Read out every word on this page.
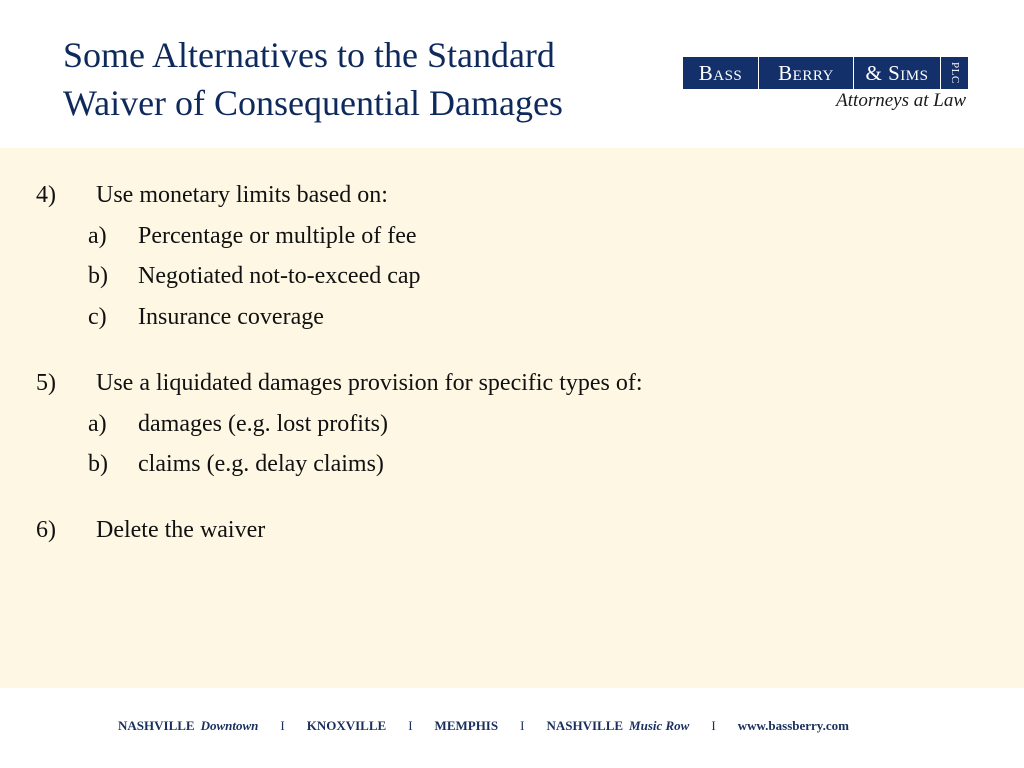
Some Alternatives to the Standard
Waiver of Consequential Damages
Bass	Berry	& Sims	PLC
Attorneys at Law
4) Use monetary limits based on:
a) Percentage or multiple of fee
b) Negotiated not-to-exceed cap
c) Insurance coverage
5) Use a liquidated damages provision for specific types of:
a) damages (e.g. lost profits)
b) claims (e.g. delay claims)
6) Delete the waiver
NASHVILLE Downtown I KNOXVILLE I MEMPHIS I NASHVILLE Music Row I www.bassberry.com
